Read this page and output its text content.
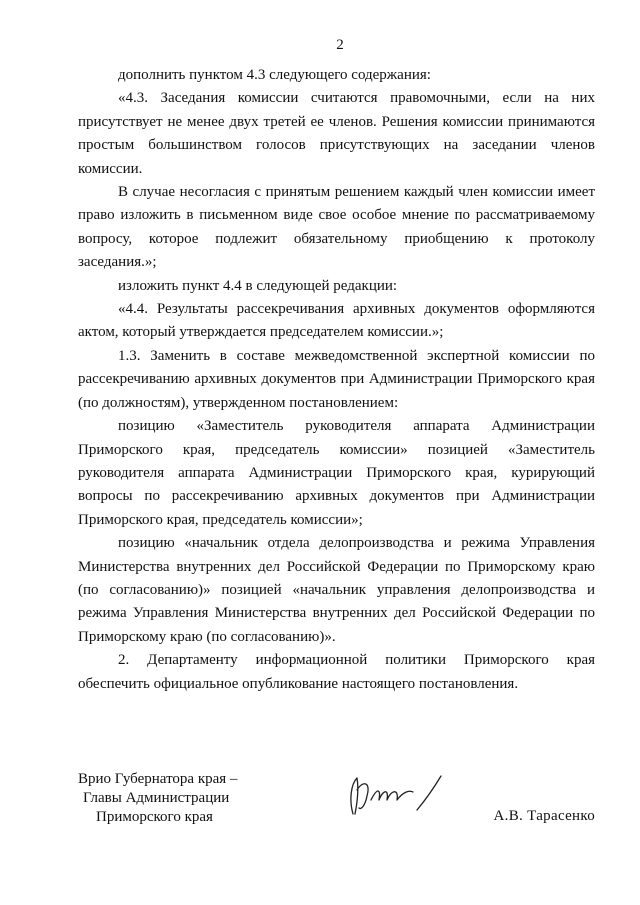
2

дополнить пунктом 4.3 следующего содержания:

«4.3. Заседания комиссии считаются правомочными, если на них присутствует не менее двух третей ее членов. Решения комиссии принимаются простым большинством голосов присутствующих на заседании членов комиссии.

В случае несогласия с принятым решением каждый член комиссии имеет право изложить в письменном виде свое особое мнение по рассматриваемому вопросу, которое подлежит обязательному приобщению к протоколу заседания.»;

изложить пункт 4.4 в следующей редакции:

«4.4. Результаты рассекречивания архивных документов оформляются актом, который утверждается председателем комиссии.»;

1.3. Заменить в составе межведомственной экспертной комиссии по рассекречиванию архивных документов при Администрации Приморского края (по должностям), утвержденном постановлением:

позицию «Заместитель руководителя аппарата Администрации Приморского края, председатель комиссии» позицией «Заместитель руководителя аппарата Администрации Приморского края, курирующий вопросы по рассекречиванию архивных документов при Администрации Приморского края, председатель комиссии»;

позицию «начальник отдела делопроизводства и режима Управления Министерства внутренних дел Российской Федерации по Приморскому краю (по согласованию)» позицией «начальник управления делопроизводства и режима Управления Министерства внутренних дел Российской Федерации по Приморскому краю (по согласованию)».

2. Департаменту информационной политики Приморского края обеспечить официальное опубликование настоящего постановления.

Врио Губернатора края –
Главы Администрации
Приморского края	А.В. Тарасенко
